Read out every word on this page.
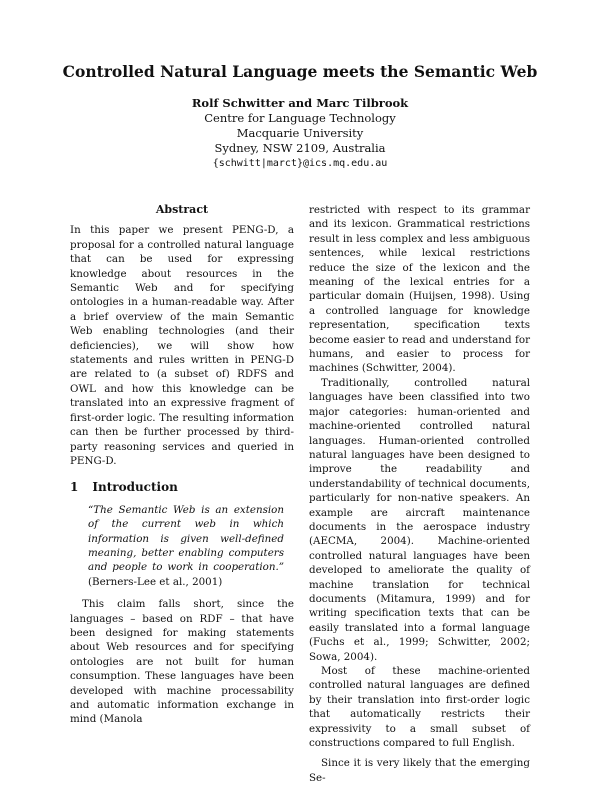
Controlled Natural Language meets the Semantic Web
Rolf Schwitter and Marc Tilbrook
Centre for Language Technology
Macquarie University
Sydney, NSW 2109, Australia
{schwitt|marct}@ics.mq.edu.au
Abstract

In this paper we present PENG-D, a proposal for a controlled natural language that can be used for expressing knowledge about resources in the Semantic Web and for specifying ontologies in a human-readable way. After a brief overview of the main Semantic Web enabling technologies (and their deficiencies), we will show how statements and rules written in PENG-D are related to (a subset of) RDFS and OWL and how this knowledge can be translated into an expressive fragment of first-order logic. The resulting information can then be further processed by third-party reasoning services and queried in PENG-D.

1 Introduction
“The Semantic Web is an extension of the current web in which information is given well-defined meaning, better enabling computers and people to work in cooperation.” (Berners-Lee et al., 2001)

This claim falls short, since the languages – based on RDF – that have been designed for making statements about Web resources and for specifying ontologies are not built for human consumption. These languages have been developed with machine processability and automatic information exchange in mind (Manola

restricted with respect to its grammar and its lexicon. Grammatical restrictions result in less complex and less ambiguous sentences, while lexical restrictions reduce the size of the lexicon and the meaning of the lexical entries for a particular domain (Huijsen, 1998). Using a controlled language for knowledge representation, specification texts become easier to read and understand for humans, and easier to process for machines (Schwitter, 2004).

Traditionally, controlled natural languages have been classified into two major categories: human-oriented and machine-oriented controlled natural languages. Human-oriented controlled natural languages have been designed to improve the readability and understandability of technical documents, particularly for non-native speakers. An example are aircraft maintenance documents in the aerospace industry (AECMA, 2004). Machine-oriented controlled natural languages have been developed to ameliorate the quality of machine translation for technical documents (Mitamura, 1999) and for writing specification texts that can be easily translated into a formal language (Fuchs et al., 1999; Schwitter, 2002; Sowa, 2004).

Most of these machine-oriented controlled natural languages are defined by their translation into first-order logic that automatically restricts their expressivity to a small subset of constructions compared to full English.

Since it is very likely that the emerging Se-
